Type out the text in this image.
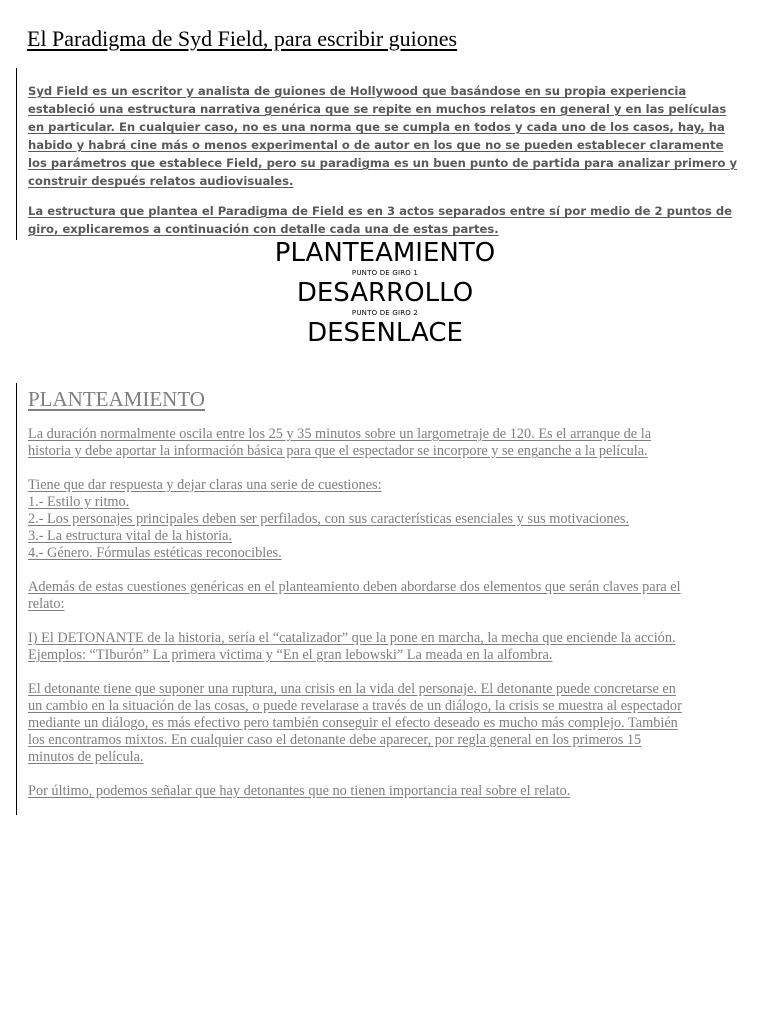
El Paradigma de Syd Field, para escribir guiones

Syd Field es un escritor y analista de guiones de Hollywood que basándose en su propia experiencia estableció una estructura narrativa genérica que se repite en muchos relatos en general y en las películas en particular. En cualquier caso, no es una norma que se cumpla en todos y cada uno de los casos, hay, ha habido y habrá cine más o menos experimental o de autor en los que no se pueden establecer claramente los parámetros que establece Field, pero su paradigma es un buen punto de partida para analizar primero y construir después relatos audiovisuales.

La estructura que plantea el Paradigma de Field es en 3 actos separados entre sí por medio de 2 puntos de giro, explicaremos a continuación con detalle cada una de estas partes.

PLANTEAMIENTO
PUNTO DE GIRO 1
DESARROLLO
PUNTO DE GIRO 2
DESENLACE
PLANTEAMIENTO

La duración normalmente oscila entre los 25 y 35 minutos sobre un largometraje de 120. Es el arranque de la
historia y debe aportar la información básica para que el espectador se incorpore y se enganche a la película.

Tiene que dar respuesta y dejar claras una serie de cuestiones:
1.- Estilo y ritmo.
2.- Los personajes principales deben ser perfilados, con sus características esenciales y sus motivaciones.
3.- La estructura vital de la historia.
4.- Género. Fórmulas estéticas reconocibles.

Además de estas cuestiones genéricas en el planteamiento deben abordarse dos elementos que serán claves para el
relato:

I) El DETONANTE de la historia, sería el “catalizador” que la pone en marcha, la mecha que enciende la acción.
Ejemplos: “TIburón” La primera victima y “En el gran lebowski” La meada en la alfombra.

El detonante tiene que suponer una ruptura, una crisis en la vida del personaje. El detonante puede concretarse en
un cambio en la situación de las cosas, o puede revelarase a través de un diálogo, la crisis se muestra al espectador
mediante un diálogo, es más efectivo pero también conseguir el efecto deseado es mucho más complejo. También
los encontramos mixtos. En cualquier caso el detonante debe aparecer, por regla general en los primeros 15
minutos de película.

Por último, podemos señalar que hay detonantes que no tienen importancia real sobre el relato.
